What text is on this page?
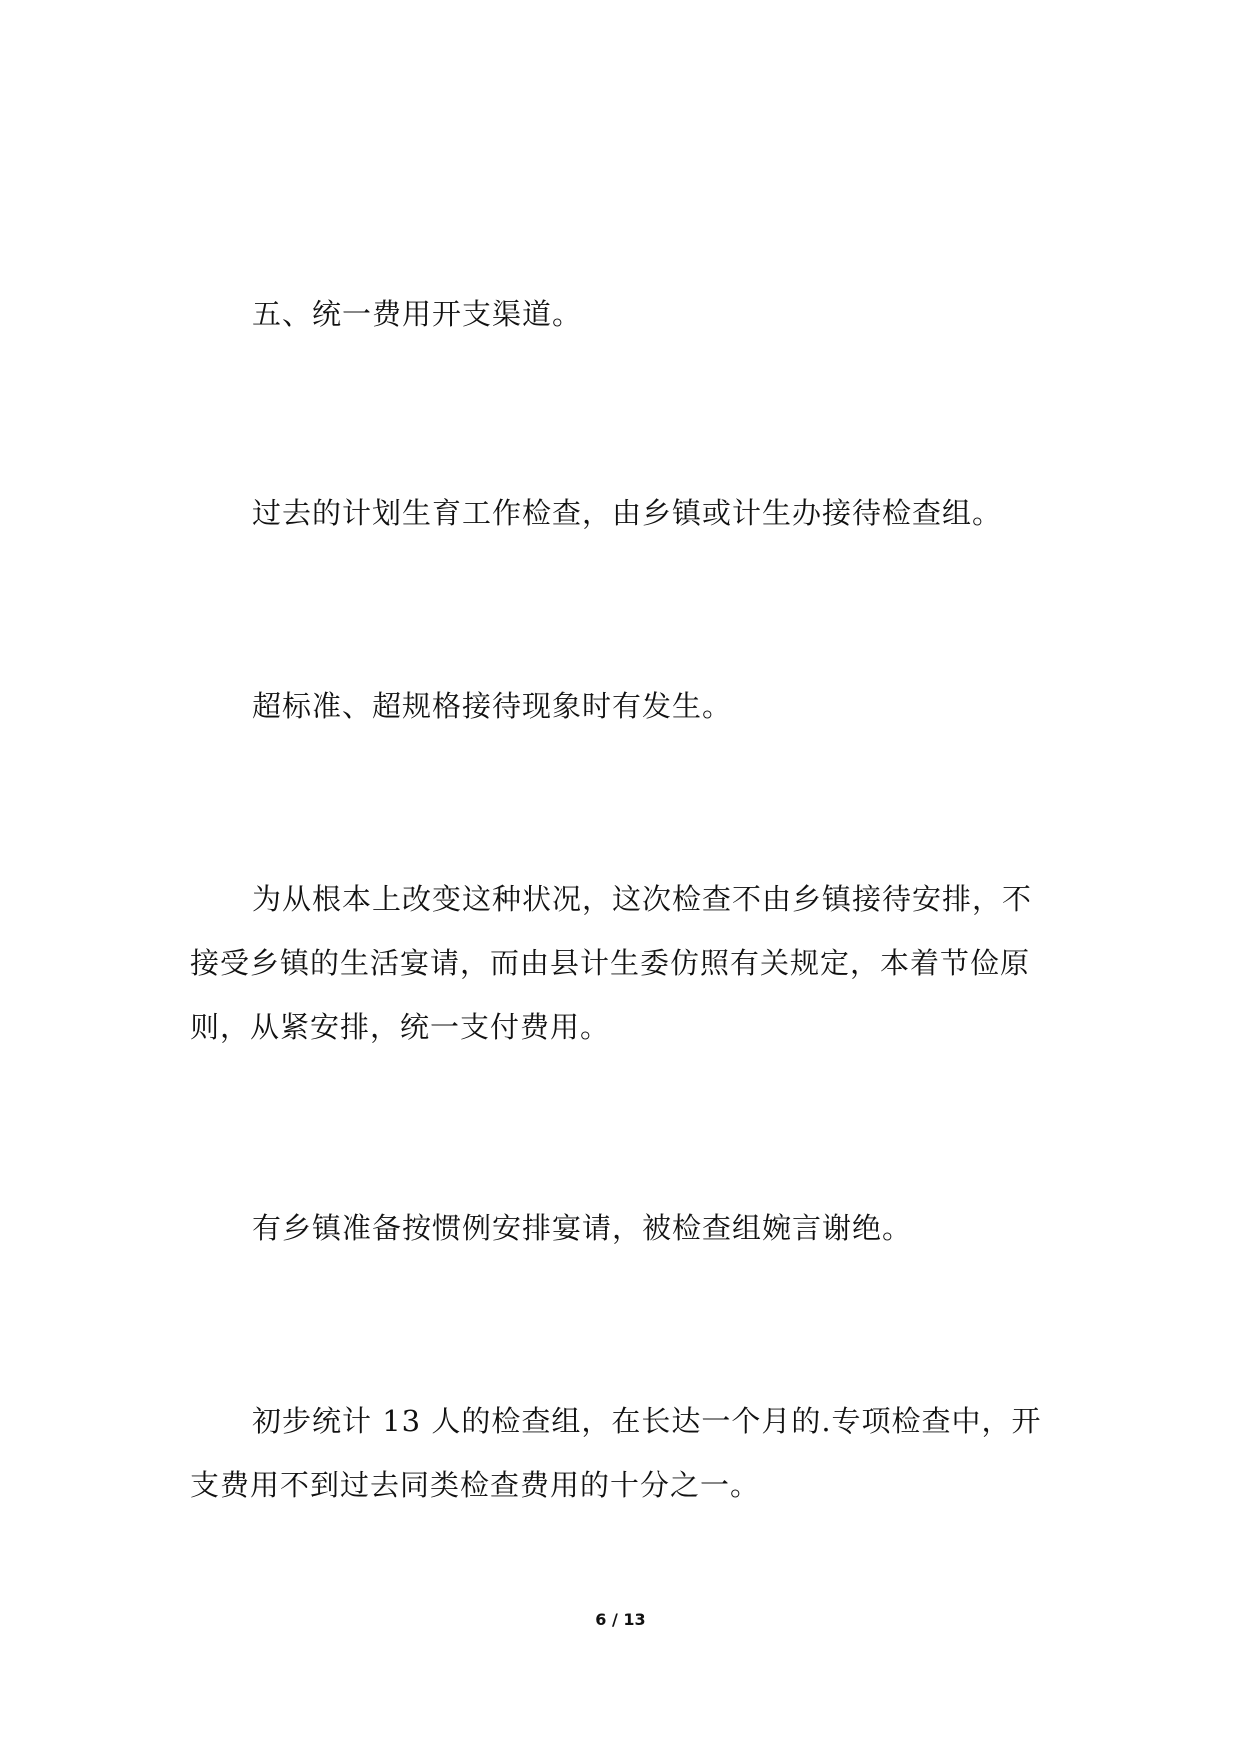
五、统一费用开支渠道。

过去的计划生育工作检查，由乡镇或计生办接待检查组。

超标准、超规格接待现象时有发生。

为从根本上改变这种状况，这次检查不由乡镇接待安排，不接受乡镇的生活宴请，而由县计生委仿照有关规定，本着节俭原则，从紧安排，统一支付费用。

有乡镇准备按惯例安排宴请，被检查组婉言谢绝。

初步统计 13 人的检查组，在长达一个月的.专项检查中，开支费用不到过去同类检查费用的十分之一。

6 / 13
